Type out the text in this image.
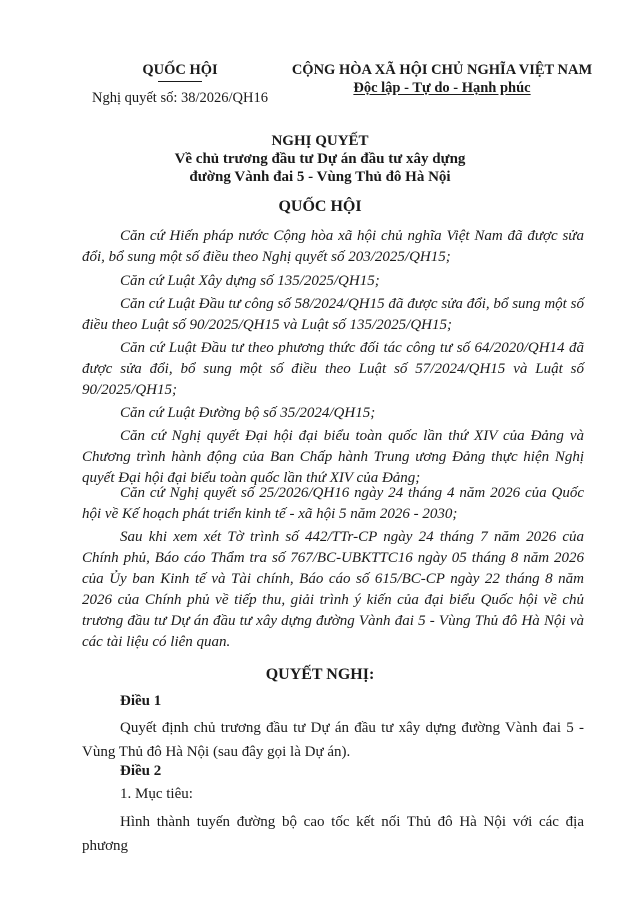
QUỐC HỘI
Nghị quyết số: 38/2026/QH16
CỘNG HÒA XÃ HỘI CHỦ NGHĨA VIỆT NAM
Độc lập - Tự do - Hạnh phúc
NGHỊ QUYẾT
Về chủ trương đầu tư Dự án đầu tư xây dựng
đường Vành đai 5 - Vùng Thủ đô Hà Nội
QUỐC HỘI
Căn cứ Hiến pháp nước Cộng hòa xã hội chủ nghĩa Việt Nam đã được sửa đổi, bổ sung một số điều theo Nghị quyết số 203/2025/QH15;
Căn cứ Luật Xây dựng số 135/2025/QH15;
Căn cứ Luật Đầu tư công số 58/2024/QH15 đã được sửa đổi, bổ sung một số điều theo Luật số 90/2025/QH15 và Luật số 135/2025/QH15;
Căn cứ Luật Đầu tư theo phương thức đối tác công tư số 64/2020/QH14 đã được sửa đổi, bổ sung một số điều theo Luật số 57/2024/QH15 và Luật số 90/2025/QH15;
Căn cứ Luật Đường bộ số 35/2024/QH15;
Căn cứ Nghị quyết Đại hội đại biểu toàn quốc lần thứ XIV của Đảng và Chương trình hành động của Ban Chấp hành Trung ương Đảng thực hiện Nghị quyết Đại hội đại biểu toàn quốc lần thứ XIV của Đảng;
Căn cứ Nghị quyết số 25/2026/QH16 ngày 24 tháng 4 năm 2026 của Quốc hội về Kế hoạch phát triển kinh tế - xã hội 5 năm 2026 - 2030;
Sau khi xem xét Tờ trình số 442/TTr-CP ngày 24 tháng 7 năm 2026 của Chính phủ, Báo cáo Thẩm tra số 767/BC-UBKTTC16 ngày 05 tháng 8 năm 2026 của Ủy ban Kinh tế và Tài chính, Báo cáo số 615/BC-CP ngày 22 tháng 8 năm 2026 của Chính phủ về tiếp thu, giải trình ý kiến của đại biểu Quốc hội về chủ trương đầu tư Dự án đầu tư xây dựng đường Vành đai 5 - Vùng Thủ đô Hà Nội và các tài liệu có liên quan.
QUYẾT NGHỊ:
Điều 1
Quyết định chủ trương đầu tư Dự án đầu tư xây dựng đường Vành đai 5 - Vùng Thủ đô Hà Nội (sau đây gọi là Dự án).
Điều 2
1. Mục tiêu:
Hình thành tuyến đường bộ cao tốc kết nối Thủ đô Hà Nội với các địa phương
